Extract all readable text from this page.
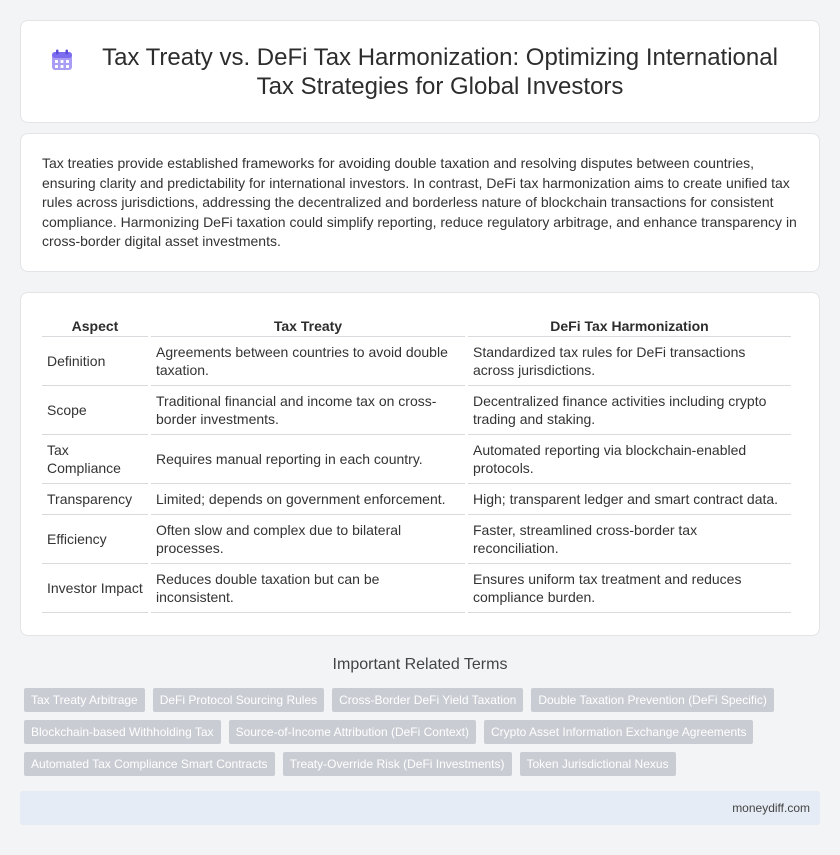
Tax Treaty vs. DeFi Tax Harmonization: Optimizing International Tax Strategies for Global Investors

Tax treaties provide established frameworks for avoiding double taxation and resolving disputes between countries, ensuring clarity and predictability for international investors. In contrast, DeFi tax harmonization aims to create unified tax rules across jurisdictions, addressing the decentralized and borderless nature of blockchain transactions for consistent compliance. Harmonizing DeFi taxation could simplify reporting, reduce regulatory arbitrage, and enhance transparency in cross-border digital asset investments.

Aspect	Tax Treaty	DeFi Tax Harmonization
Definition	Agreements between countries to avoid double taxation.	Standardized tax rules for DeFi transactions across jurisdictions.
Scope	Traditional financial and income tax on cross-border investments.	Decentralized finance activities including crypto trading and staking.
Tax Compliance	Requires manual reporting in each country.	Automated reporting via blockchain-enabled protocols.
Transparency	Limited; depends on government enforcement.	High; transparent ledger and smart contract data.
Efficiency	Often slow and complex due to bilateral processes.	Faster, streamlined cross-border tax reconciliation.
Investor Impact	Reduces double taxation but can be inconsistent.	Ensures uniform tax treatment and reduces compliance burden.
Important Related Terms
Tax Treaty Arbitrage	DeFi Protocol Sourcing Rules	Cross-Border DeFi Yield Taxation	Double Taxation Prevention (DeFi Specific)
Blockchain-based Withholding Tax	Source-of-Income Attribution (DeFi Context)	Crypto Asset Information Exchange Agreements
Automated Tax Compliance Smart Contracts	Treaty-Override Risk (DeFi Investments)	Token Jurisdictional Nexus
moneydiff.com
